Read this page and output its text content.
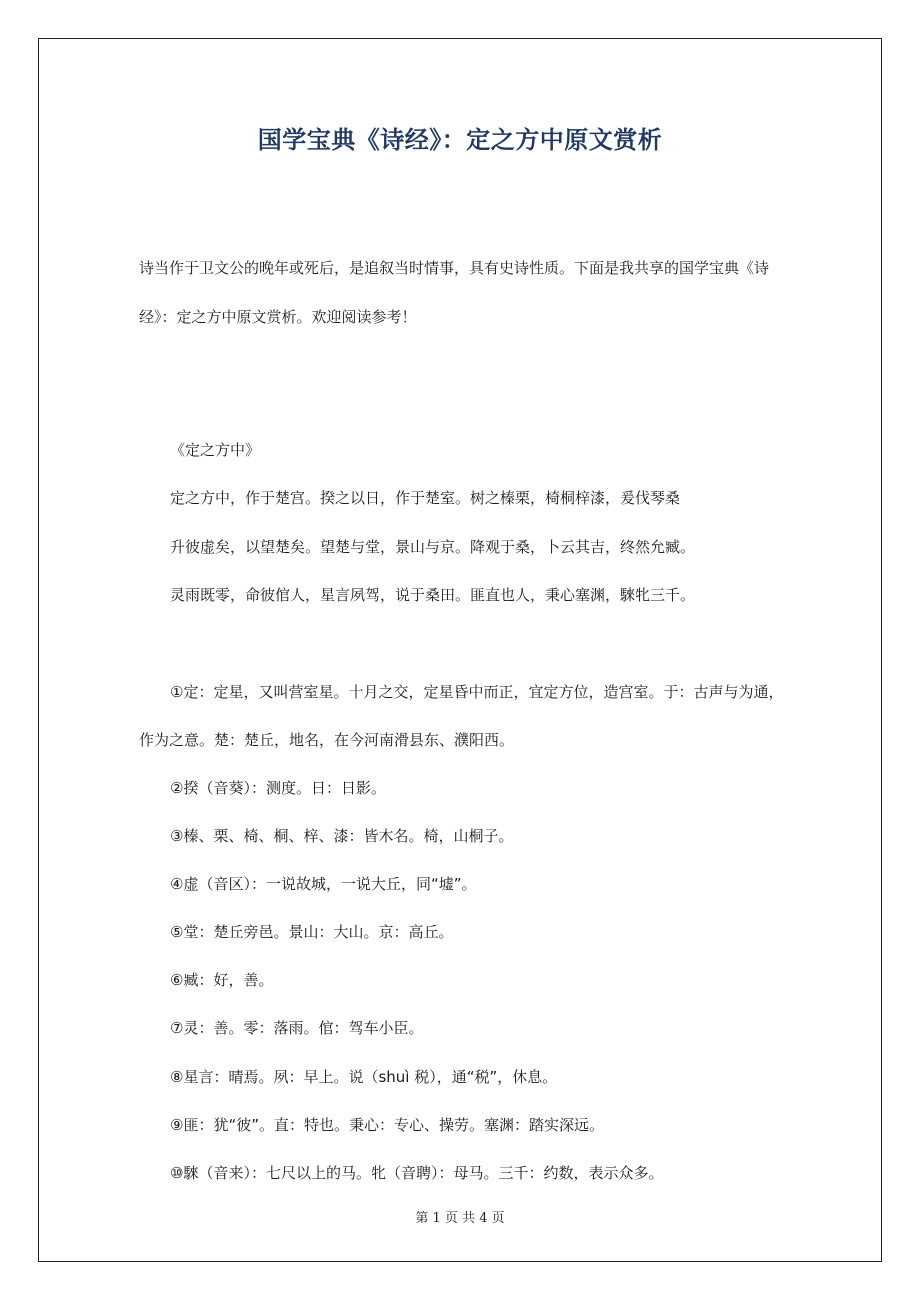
国学宝典《诗经》：定之方中原文赏析
诗当作于卫文公的晚年或死后，是追叙当时情事，具有史诗性质。下面是我共享的国学宝典《诗经》：定之方中原文赏析。欢迎阅读参考！
《定之方中》
定之方中，作于楚宫。揆之以日，作于楚室。树之榛栗，椅桐梓漆，爰伐琴桑
升彼虚矣，以望楚矣。望楚与堂，景山与京。降观于桑，卜云其吉，终然允臧。
灵雨既零，命彼倌人，星言夙驾，说于桑田。匪直也人，秉心塞渊，騋牝三千。
①定：定星，又叫营室星。十月之交，定星昏中而正，宜定方位，造宫室。于：古声与为通，
作为之意。楚：楚丘，地名，在今河南滑县东、濮阳西。
②揆（音葵）：测度。日：日影。
③榛、栗、椅、桐、梓、漆：皆木名。椅，山桐子。
④虚（音区）：一说故城，一说大丘，同“墟”。
⑤堂：楚丘旁邑。景山：大山。京：高丘。
⑥臧：好，善。
⑦灵：善。零：落雨。倌：驾车小臣。
⑧星言：晴焉。夙：早上。说（shuì 税），通“税”，休息。
⑨匪：犹“彼”。直：特也。秉心：专心、操劳。塞渊：踏实深远。
⑩騋（音来）：七尺以上的马。牝（音聘）：母马。三千：约数，表示众多。
第 1 页 共 4 页
